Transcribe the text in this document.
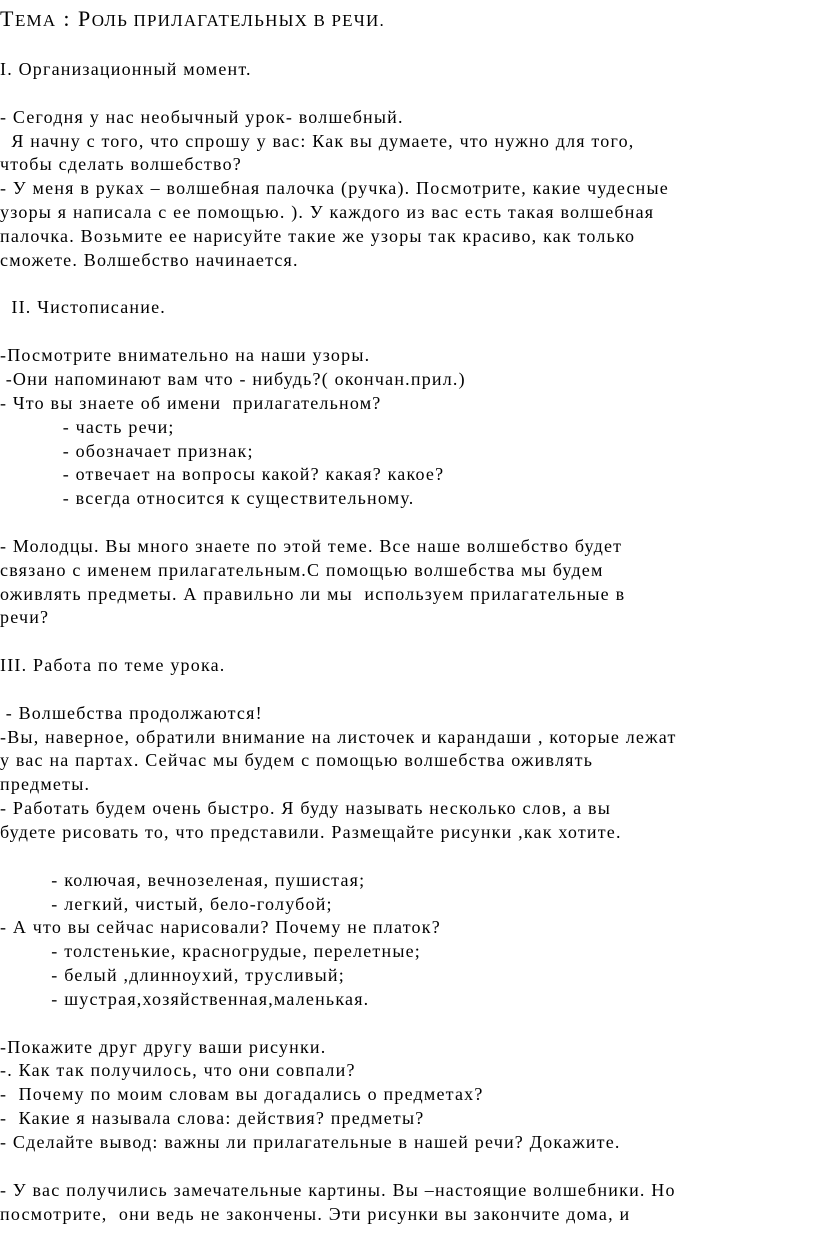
ТЕМА : РОЛЬ ПРИЛАГАТЕЛЬНЫХ В РЕЧИ.
I. Организационный момент.
- Сегодня у нас необычный урок- волшебный.
Я начну с того, что спрошу у вас: Как вы думаете, что нужно для того,
чтобы сделать волшебство?
- У меня в руках – волшебная палочка (ручка). Посмотрите, какие чудесные
узоры я написала с ее помощью. ). У каждого из вас есть такая волшебная
палочка. Возьмите ее нарисуйте такие же узоры так красиво, как только
сможете. Волшебство начинается.
II. Чистописание.
-Посмотрите внимательно на наши узоры.
-Они напоминают вам что - нибудь?( окончан.прил.)
- Что вы знаете об имени  прилагательном?
- часть речи;
- обозначает признак;
- отвечает на вопросы какой? какая? какое?
- всегда относится к существительному.
- Молодцы. Вы много знаете по этой теме. Все наше волшебство будет
связано с именем прилагательным.С помощью волшебства мы будем
оживлять предметы. А правильно ли мы  используем прилагательные в
речи?
III. Работа по теме урока.
- Волшебства продолжаются!
-Вы, наверное, обратили внимание на листочек и карандаши , которые лежат
у вас на партах. Сейчас мы будем с помощью волшебства оживлять
предметы.
- Работать будем очень быстро. Я буду называть несколько слов, а вы
будете рисовать то, что представили. Размещайте рисунки ,как хотите.
- колючая, вечнозеленая, пушистая;
- легкий, чистый, бело-голубой;
- А что вы сейчас нарисовали? Почему не платок?
- толстенькие, красногрудые, перелетные;
- белый ,длинноухий, трусливый;
- шустрая,хозяйственная,маленькая.
-Покажите друг другу ваши рисунки.
-. Как так получилось, что они совпали?
-  Почему по моим словам вы догадались о предметах?
-  Какие я называла слова: действия? предметы?
- Сделайте вывод: важны ли прилагательные в нашей речи? Докажите.
- У вас получились замечательные картины. Вы –настоящие волшебники. Но
посмотрите,  они ведь не закончены. Эти рисунки вы закончите дома, и
